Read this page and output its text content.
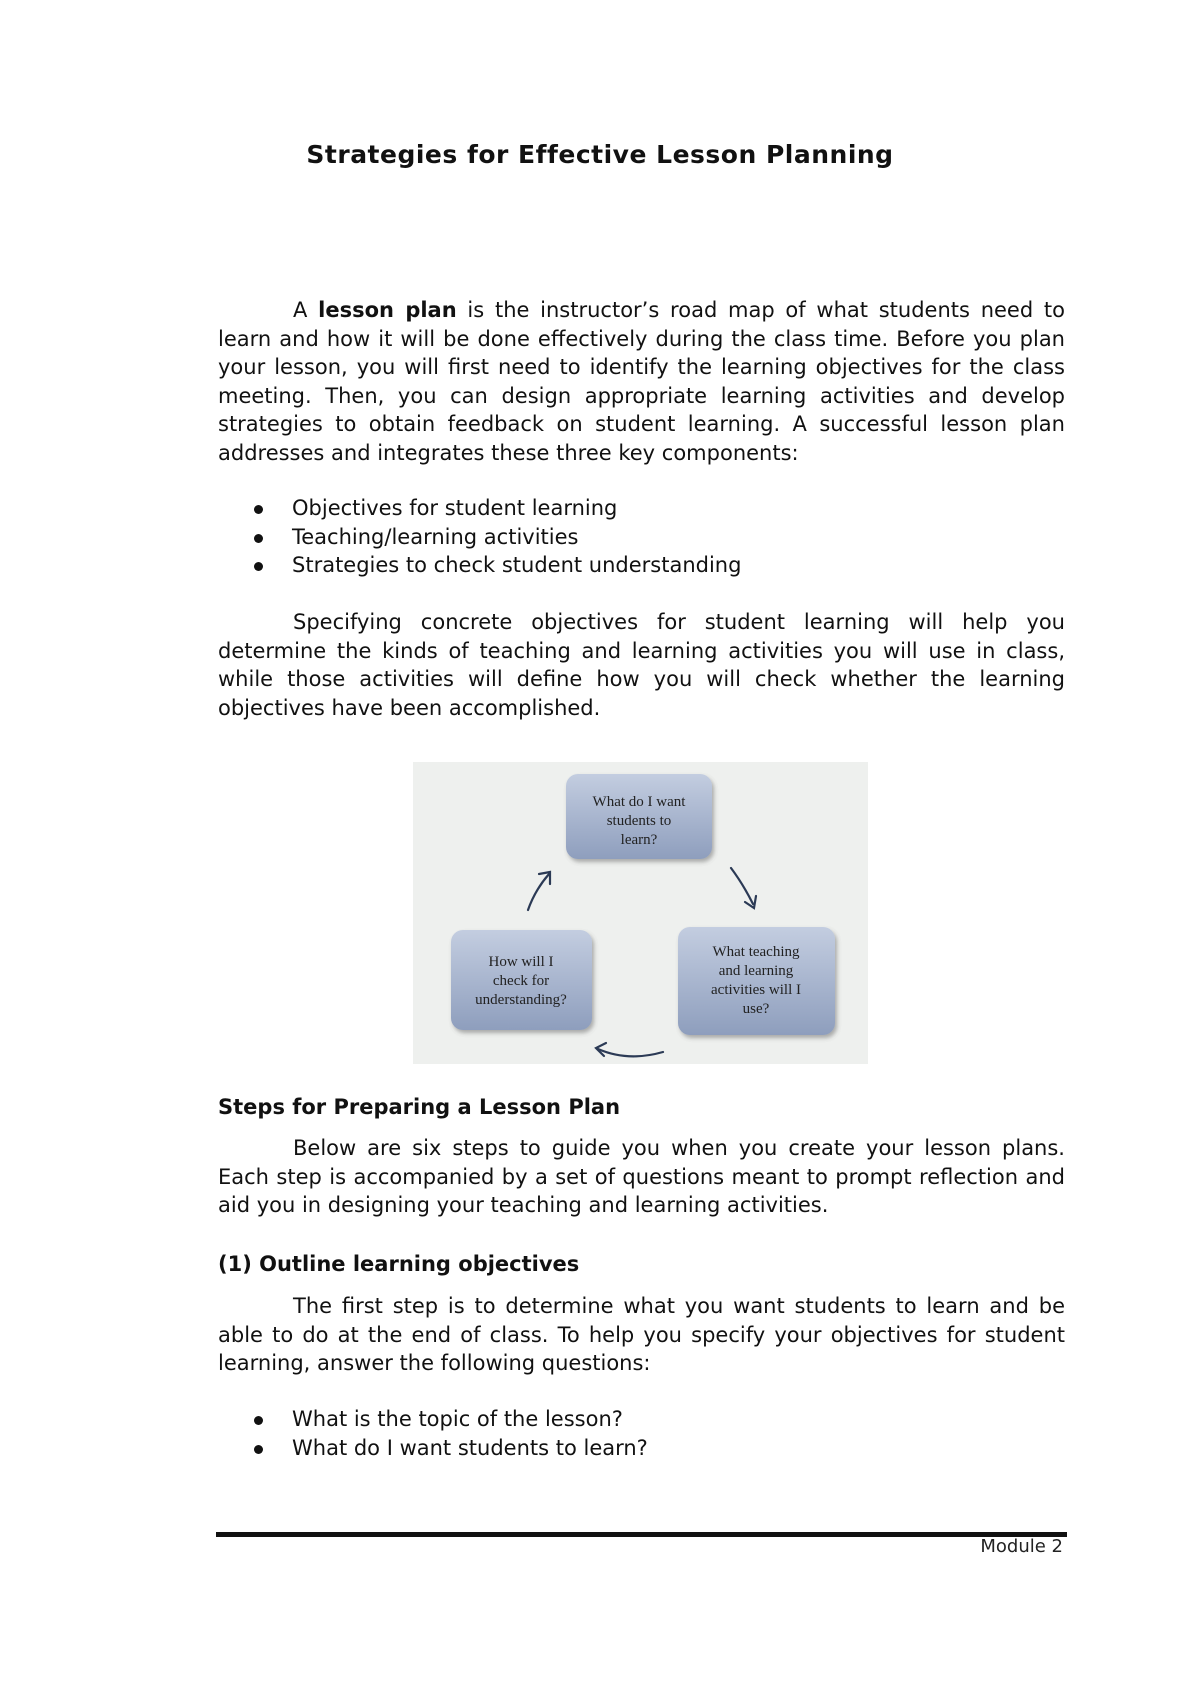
Strategies for Effective Lesson Planning

A lesson plan is the instructor’s road map of what students need to learn and how it will be done effectively during the class time. Before you plan your lesson, you will first need to identify the learning objectives for the class meeting. Then, you can design appropriate learning activities and develop strategies to obtain feedback on student learning. A successful lesson plan addresses and integrates these three key components:

Objectives for student learning
Teaching/learning activities
Strategies to check student understanding

Specifying concrete objectives for student learning will help you determine the kinds of teaching and learning activities you will use in class, while those activities will define how you will check whether the learning objectives have been accomplished.

What do I want
students to
learn?
What teaching
and learning
activities will I
use?
How will I
check for
understanding?
Steps for Preparing a Lesson Plan

Below are six steps to guide you when you create your lesson plans. Each step is accompanied by a set of questions meant to prompt reflection and aid you in designing your teaching and learning activities.

(1) Outline learning objectives

The first step is to determine what you want students to learn and be able to do at the end of class. To help you specify your objectives for student learning, answer the following questions:

What is the topic of the lesson?
What do I want students to learn?
Module 2
